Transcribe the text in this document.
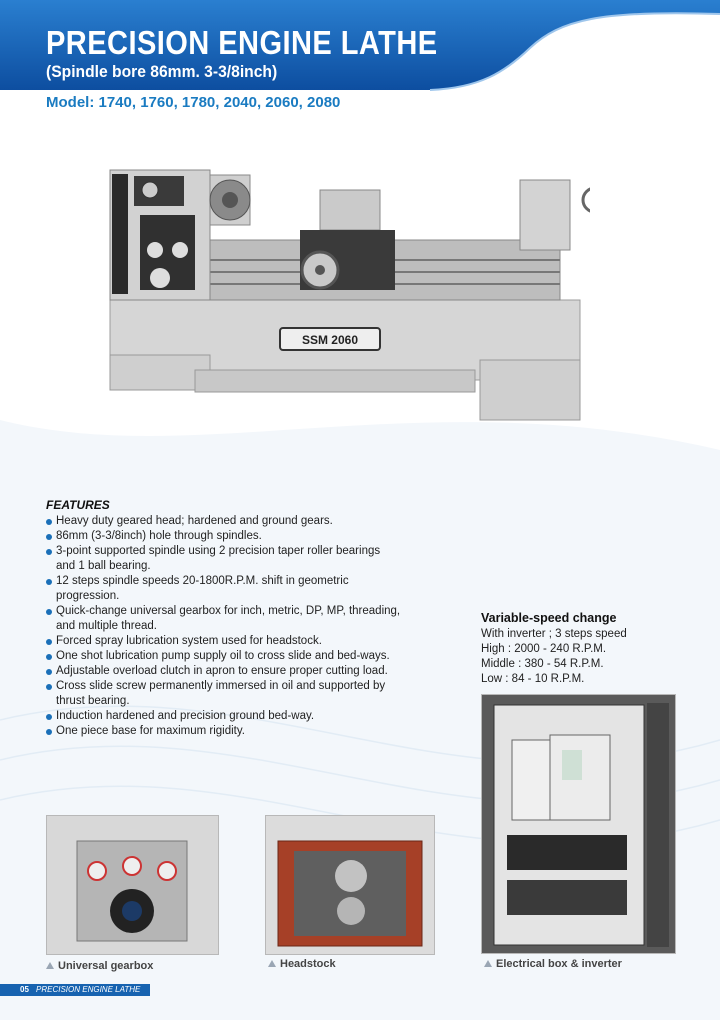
PRECISION ENGINE LATHE
(Spindle bore 86mm. 3-3/8inch)
Model: 1740, 1760, 1780, 2040, 2060, 2080
SSM 2060
FEATURES
Heavy duty geared head; hardened and ground gears.
86mm (3-3/8inch) hole through spindles.
3-point supported spindle using 2 precision taper roller bearings and 1 ball bearing.
12 steps spindle speeds 20-1800R.P.M. shift in geometric progression.
Quick-change universal gearbox for inch, metric, DP, MP, threading, and multiple thread.
Forced spray lubrication system used for headstock.
One shot lubrication pump supply oil to cross slide and bed-ways.
Adjustable overload clutch in apron to ensure proper cutting load.
Cross slide screw permanently immersed in oil and supported by thrust bearing.
Induction hardened and precision ground bed-way.
One piece base for maximum rigidity.
Variable-speed change
With inverter ; 3 steps speed
High : 2000 - 240 R.P.M.
Middle : 380 - 54 R.P.M.
Low : 84 - 10 R.P.M.
Universal gearbox	Headstock	Electrical box & inverter
05 PRECISION ENGINE LATHE
